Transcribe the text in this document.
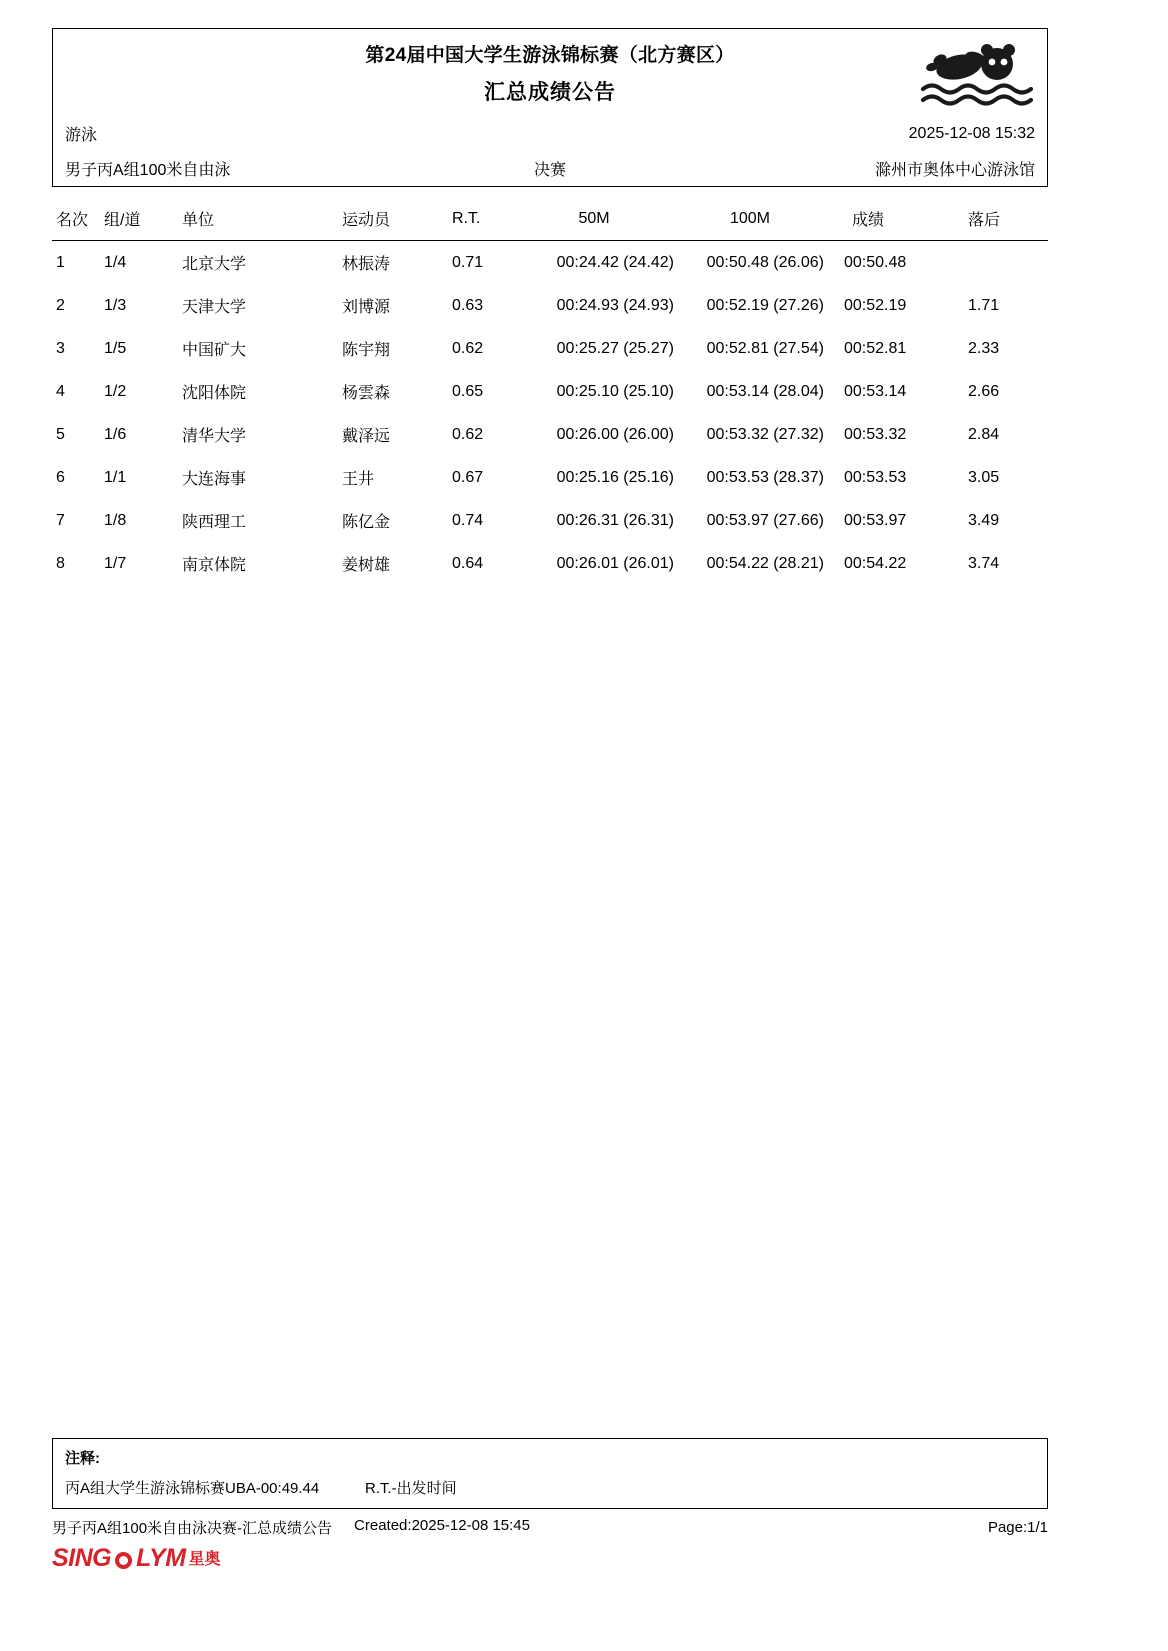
第24届中国大学生游泳锦标赛（北方赛区）
汇总成绩公告
游泳	2025-12-08 15:32
男子丙A组100米自由泳	决赛	滁州市奥体中心游泳馆
名次	组/道	单位	运动员	R.T.	50M	100M	成绩	落后
1	1/4	北京大学	林振涛	0.71	00:24.42 (24.42)	00:50.48 (26.06)	00:50.48	
2	1/3	天津大学	刘博源	0.63	00:24.93 (24.93)	00:52.19 (27.26)	00:52.19	1.71
3	1/5	中国矿大	陈宇翔	0.62	00:25.27 (25.27)	00:52.81 (27.54)	00:52.81	2.33
4	1/2	沈阳体院	杨雲森	0.65	00:25.10 (25.10)	00:53.14 (28.04)	00:53.14	2.66
5	1/6	清华大学	戴泽远	0.62	00:26.00 (26.00)	00:53.32 (27.32)	00:53.32	2.84
6	1/1	大连海事	王井	0.67	00:25.16 (25.16)	00:53.53 (28.37)	00:53.53	3.05
7	1/8	陕西理工	陈亿金	0.74	00:26.31 (26.31)	00:53.97 (27.66)	00:53.97	3.49
8	1/7	南京体院	姜树雄	0.64	00:26.01 (26.01)	00:54.22 (28.21)	00:54.22	3.74
注释:
丙A组大学生游泳锦标赛UBA-00:49.44	R.T.-出发时间
男子丙A组100米自由泳决赛-汇总成绩公告 Created:2025-12-08 15:45	Page:1/1
SING LYM 星奥
